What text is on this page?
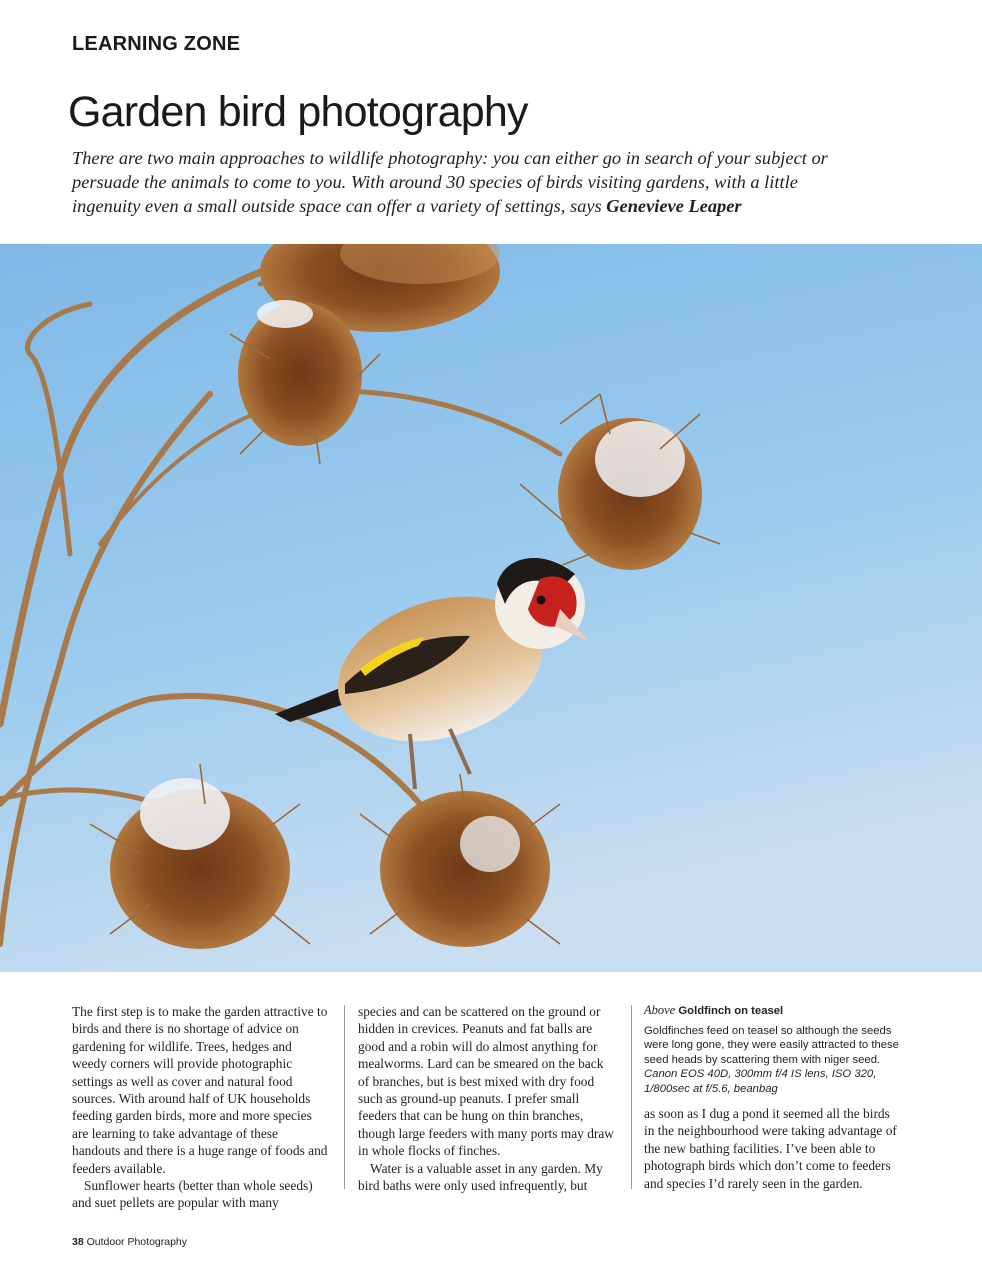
LEARNING ZONE
Garden bird photography

There are two main approaches to wildlife photography: you can either go in search of your subject or persuade the animals to come to you. With around 30 species of birds visiting gardens, with a little ingenuity even a small outside space can offer a variety of settings, says Genevieve Leaper

The first step is to make the garden attractive to birds and there is no shortage of advice on gardening for wildlife. Trees, hedges and weedy corners will provide photographic settings as well as cover and natural food sources. With around half of UK households feeding garden birds, more and more species are learning to take advantage of these handouts and there is a huge range of foods and feeders available.

Sunflower hearts (better than whole seeds) and suet pellets are popular with many

species and can be scattered on the ground or hidden in crevices. Peanuts and fat balls are good and a robin will do almost anything for mealworms. Lard can be smeared on the back of branches, but is best mixed with dry food such as ground-up peanuts. I prefer small feeders that can be hung on thin branches, though large feeders with many ports may draw in whole flocks of finches.

Water is a valuable asset in any garden. My bird baths were only used infrequently, but

Above Goldfinch on teasel
Goldfinches feed on teasel so although the seeds were long gone, they were easily attracted to these seed heads by scattering them with niger seed.
Canon EOS 40D, 300mm f/4 IS lens, ISO 320, 1/800sec at f/5.6, beanbag

as soon as I dug a pond it seemed all the birds in the neighbourhood were taking advantage of the new bathing facilities. I’ve been able to photograph birds which don’t come to feeders and species I’d rarely seen in the garden.

38 Outdoor Photography
